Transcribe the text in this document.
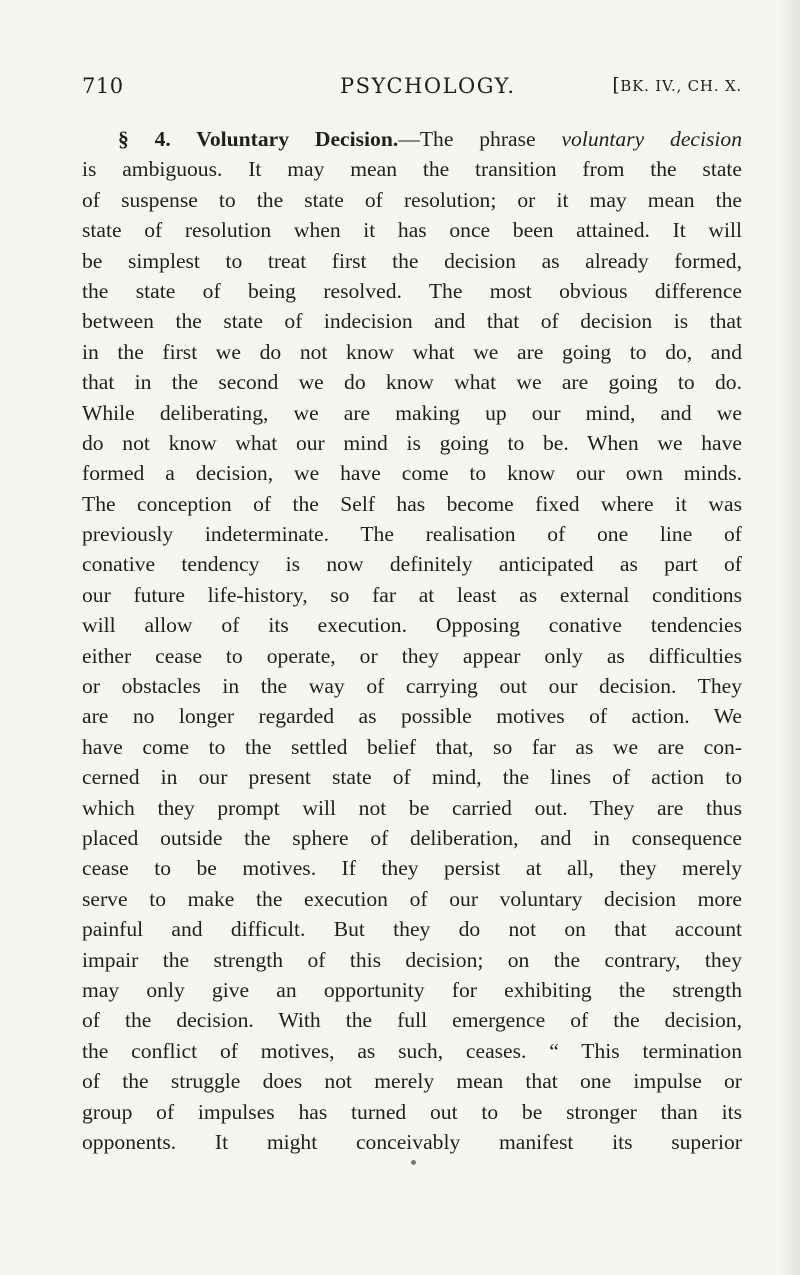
710	PSYCHOLOGY.	[BK. IV., CH. X.
§ 4. Voluntary Decision.—The phrase voluntary decision
is ambiguous. It may mean the transition from the state
of suspense to the state of resolution; or it may mean the
state of resolution when it has once been attained. It will
be simplest to treat first the decision as already formed,
the state of being resolved. The most obvious difference
between the state of indecision and that of decision is that
in the first we do not know what we are going to do, and
that in the second we do know what we are going to do.
While deliberating, we are making up our mind, and we
do not know what our mind is going to be. When we have
formed a decision, we have come to know our own minds.
The conception of the Self has become fixed where it was
previously indeterminate. The realisation of one line of
conative tendency is now definitely anticipated as part of
our future life-history, so far at least as external conditions
will allow of its execution. Opposing conative tendencies
either cease to operate, or they appear only as difficulties
or obstacles in the way of carrying out our decision. They
are no longer regarded as possible motives of action. We
have come to the settled belief that, so far as we are con-
cerned in our present state of mind, the lines of action to
which they prompt will not be carried out. They are thus
placed outside the sphere of deliberation, and in consequence
cease to be motives. If they persist at all, they merely
serve to make the execution of our voluntary decision more
painful and difficult. But they do not on that account
impair the strength of this decision; on the contrary, they
may only give an opportunity for exhibiting the strength
of the decision. With the full emergence of the decision,
the conflict of motives, as such, ceases. “ This termination
of the struggle does not merely mean that one impulse or
group of impulses has turned out to be stronger than its
opponents. It might conceivably manifest its superior
